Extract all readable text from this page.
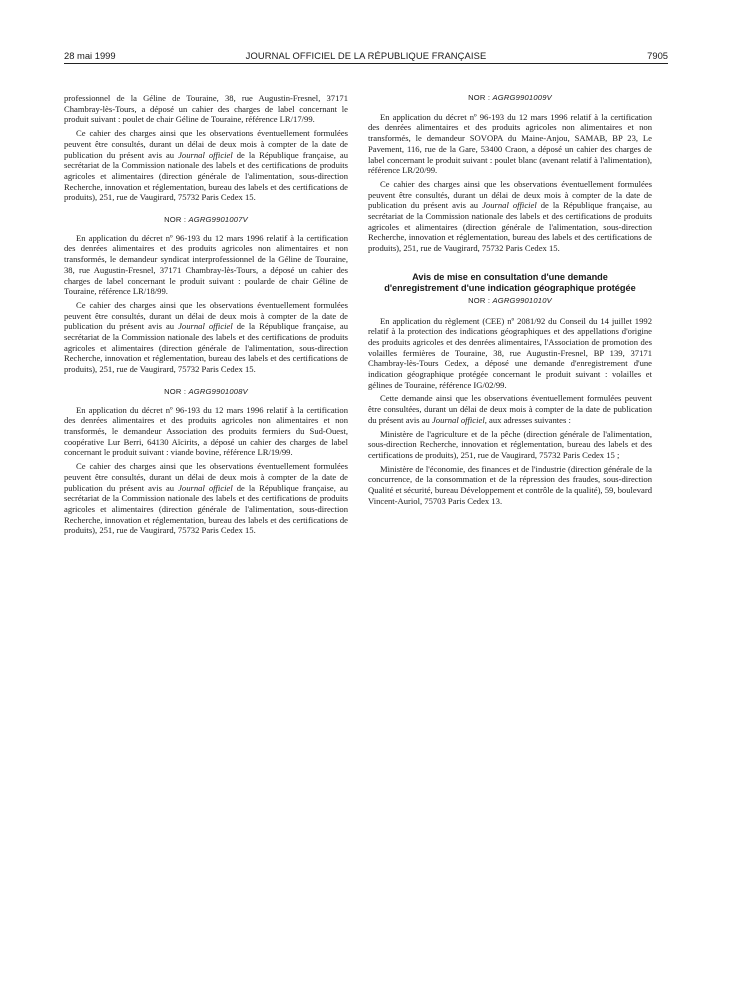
28 mai 1999	JOURNAL OFFICIEL DE LA RÉPUBLIQUE FRANÇAISE	7905

professionnel de la Géline de Touraine, 38, rue Augustin-Fresnel, 37171 Chambray-lès-Tours, a déposé un cahier des charges de label concernant le produit suivant : poulet de chair Géline de Touraine, référence LR/17/99.

Ce cahier des charges ainsi que les observations éventuellement formulées peuvent être consultés, durant un délai de deux mois à compter de la date de publication du présent avis au Journal officiel de la République française, au secrétariat de la Commission nationale des labels et des certifications de produits agricoles et alimentaires (direction générale de l'alimentation, sous-direction Recherche, innovation et réglementation, bureau des labels et des certifications de produits), 251, rue de Vaugirard, 75732 Paris Cedex 15.

NOR : AGRG9901007V

En application du décret nº 96-193 du 12 mars 1996 relatif à la certification des denrées alimentaires et des produits agricoles non alimentaires et non transformés, le demandeur syndicat interprofessionnel de la Géline de Touraine, 38, rue Augustin-Fresnel, 37171 Chambray-lès-Tours, a déposé un cahier des charges de label concernant le produit suivant : poularde de chair Géline de Touraine, référence LR/18/99.

Ce cahier des charges ainsi que les observations éventuellement formulées peuvent être consultés, durant un délai de deux mois à compter de la date de publication du présent avis au Journal officiel de la République française, au secrétariat de la Commission nationale des labels et des certifications de produits agricoles et alimentaires (direction générale de l'alimentation, sous-direction Recherche, innovation et réglementation, bureau des labels et des certifications de produits), 251, rue de Vaugirard, 75732 Paris Cedex 15.

NOR : AGRG9901008V

En application du décret nº 96-193 du 12 mars 1996 relatif à la certification des denrées alimentaires et des produits agricoles non alimentaires et non transformés, le demandeur Association des produits fermiers du Sud-Ouest, coopérative Lur Berri, 64130 Aïcirits, a déposé un cahier des charges de label concernant le produit suivant : viande bovine, référence LR/19/99.

Ce cahier des charges ainsi que les observations éventuellement formulées peuvent être consultés, durant un délai de deux mois à compter de la date de publication du présent avis au Journal officiel de la République française, au secrétariat de la Commission nationale des labels et des certifications de produits agricoles et alimentaires (direction générale de l'alimentation, sous-direction Recherche, innovation et réglementation, bureau des labels et des certifications de produits), 251, rue de Vaugirard, 75732 Paris Cedex 15.

NOR : AGRG9901009V

En application du décret nº 96-193 du 12 mars 1996 relatif à la certification des denrées alimentaires et des produits agricoles non alimentaires et non transformés, le demandeur SOVOPA du Maine-Anjou, SAMAB, BP 23, Le Pavement, 116, rue de la Gare, 53400 Craon, a déposé un cahier des charges de label concernant le produit suivant : poulet blanc (avenant relatif à l'alimentation), référence LR/20/99.

Ce cahier des charges ainsi que les observations éventuellement formulées peuvent être consultés, durant un délai de deux mois à compter de la date de publication du présent avis au Journal officiel de la République française, au secrétariat de la Commission nationale des labels et des certifications de produits agricoles et alimentaires (direction générale de l'alimentation, sous-direction Recherche, innovation et réglementation, bureau des labels et des certifications de produits), 251, rue de Vaugirard, 75732 Paris Cedex 15.

Avis de mise en consultation d'une demande
d'enregistrement d'une indication géographique protégée
NOR : AGRG9901010V

En application du règlement (CEE) nº 2081/92 du Conseil du 14 juillet 1992 relatif à la protection des indications géographiques et des appellations d'origine des produits agricoles et des denrées alimentaires, l'Association de promotion des volailles fermières de Touraine, 38, rue Augustin-Fresnel, BP 139, 37171 Chambray-lès-Tours Cedex, a déposé une demande d'enregistrement d'une indication géographique protégée concernant le produit suivant : volailles et gélines de Touraine, référence IG/02/99.

Cette demande ainsi que les observations éventuellement formulées peuvent être consultées, durant un délai de deux mois à compter de la date de publication du présent avis au Journal officiel, aux adresses suivantes :

Ministère de l'agriculture et de la pêche (direction générale de l'alimentation, sous-direction Recherche, innovation et réglementation, bureau des labels et des certifications de produits), 251, rue de Vaugirard, 75732 Paris Cedex 15 ;

Ministère de l'économie, des finances et de l'industrie (direction générale de la concurrence, de la consommation et de la répression des fraudes, sous-direction Qualité et sécurité, bureau Développement et contrôle de la qualité), 59, boulevard Vincent-Auriol, 75703 Paris Cedex 13.
